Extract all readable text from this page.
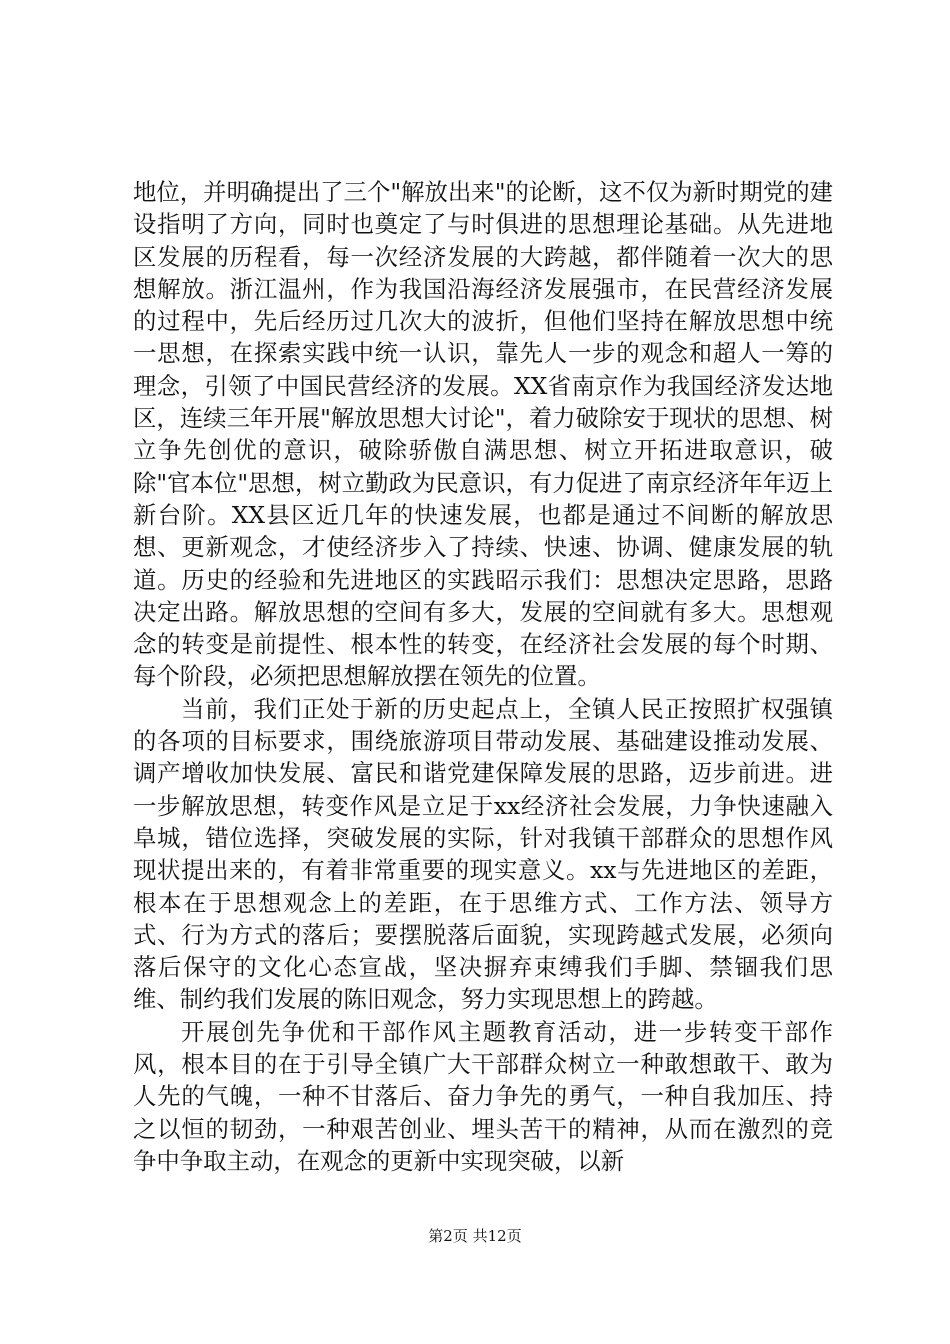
地位，并明确提出了三个"解放出来"的论断，这不仅为新时期党的建设指明了方向，同时也奠定了与时俱进的思想理论基础。从先进地区发展的历程看，每一次经济发展的大跨越，都伴随着一次大的思想解放。浙江温州，作为我国沿海经济发展强市，在民营经济发展的过程中，先后经历过几次大的波折，但他们坚持在解放思想中统一思想，在探索实践中统一认识，靠先人一步的观念和超人一筹的理念，引领了中国民营经济的发展。XX省南京作为我国经济发达地区，连续三年开展"解放思想大讨论"，着力破除安于现状的思想、树立争先创优的意识，破除骄傲自满思想、树立开拓进取意识，破除"官本位"思想，树立勤政为民意识，有力促进了南京经济年年迈上新台阶。XX县区近几年的快速发展，也都是通过不间断的解放思想、更新观念，才使经济步入了持续、快速、协调、健康发展的轨道。历史的经验和先进地区的实践昭示我们：思想决定思路，思路决定出路。解放思想的空间有多大，发展的空间就有多大。思想观念的转变是前提性、根本性的转变，在经济社会发展的每个时期、每个阶段，必须把思想解放摆在领先的位置。

当前，我们正处于新的历史起点上，全镇人民正按照扩权强镇的各项的目标要求，围绕旅游项目带动发展、基础建设推动发展、调产增收加快发展、富民和谐党建保障发展的思路，迈步前进。进一步解放思想，转变作风是立足于xx经济社会发展，力争快速融入阜城，错位选择，突破发展的实际，针对我镇干部群众的思想作风现状提出来的，有着非常重要的现实意义。xx与先进地区的差距，根本在于思想观念上的差距，在于思维方式、工作方法、领导方式、行为方式的落后；要摆脱落后面貌，实现跨越式发展，必须向落后保守的文化心态宣战，坚决摒弃束缚我们手脚、禁锢我们思维、制约我们发展的陈旧观念，努力实现思想上的跨越。

开展创先争优和干部作风主题教育活动，进一步转变干部作风，根本目的在于引导全镇广大干部群众树立一种敢想敢干、敢为人先的气魄，一种不甘落后、奋力争先的勇气，一种自我加压、持之以恒的韧劲，一种艰苦创业、埋头苦干的精神，从而在激烈的竞争中争取主动，在观念的更新中实现突破，以新

第2页 共12页
